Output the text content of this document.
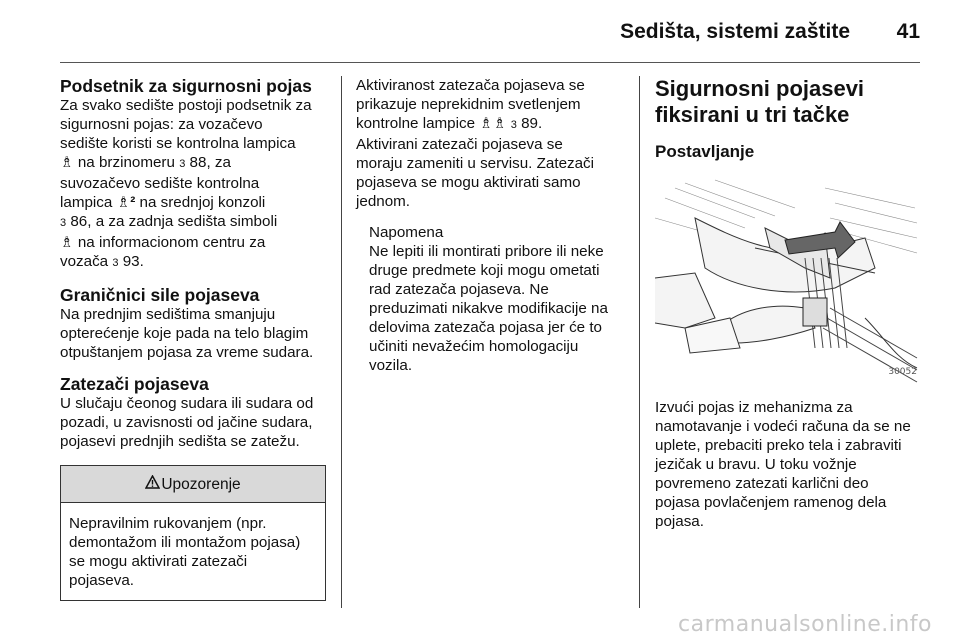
Sedišta, sistemi zaštite	41
Podsetnik za sigurnosni pojas

Za svako sedište postoji podsetnik za
sigurnosni pojas: za vozačevo
sedište koristi se kontrolna lampica
♗ na brzinomeru 3 88, za
suvozačevo sedište kontrolna
lampica ♗² na srednjoj konzoli
3 86, a za zadnja sedišta simboli
♗ na informacionom centru za
vozača 3 93.

Graničnici sile pojaseva

Na prednjim sedištima smanjuju
opterećenje koje pada na telo blagim
otpuštanjem pojasa za vreme sudara.

Zatezači pojaseva

U slučaju čeonog sudara ili sudara od
pozadi, u zavisnosti od jačine sudara,
pojasevi prednjih sedišta se zatežu.

Upozorenje
Nepravilnim rukovanjem (npr.
demontažom ili montažom pojasa)
se mogu aktivirati zatezači
pojaseva.

Aktiviranost zatezača pojaseva se
prikazuje neprekidnim svetlenjem
kontrolne lampice ♗♗ 3 89.

Aktivirani zatezači pojaseva se
moraju zameniti u servisu. Zatezači
pojaseva se mogu aktivirati samo
jednom.

Napomena
Ne lepiti ili montirati pribore ili neke
druge predmete koji mogu ometati
rad zatezača pojaseva. Ne
preduzimati nikakve modifikacije na
delovima zatezača pojasa jer će to
učiniti nevažećim homologaciju
vozila.
Sigurnosni pojasevi
fiksirani u tri tačke
Postavljanje
30052

Izvući pojas iz mehanizma za
namotavanje i vodeći računa da se ne
uplete, prebaciti preko tela i zabraviti
jezičak u bravu. U toku vožnje
povremeno zatezati karlični deo
pojasa povlačenjem ramenog dela
pojasa.

carmanualsonline.info
